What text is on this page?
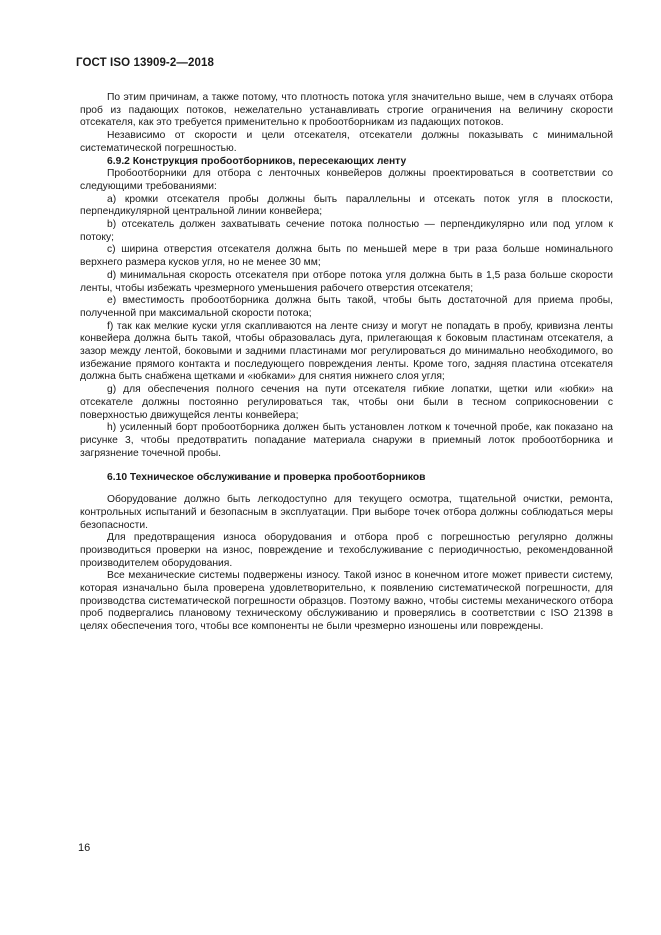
ГОСТ ISO 13909-2—2018

По этим причинам, а также потому, что плотность потока угля значительно выше, чем в случаях отбора проб из падающих потоков, нежелательно устанавливать строгие ограничения на величину скорости отсекателя, как это требуется применительно к пробоотборникам из падающих потоков.

Независимо от скорости и цели отсекателя, отсекатели должны показывать с минимальной систематической погрешностью.

6.9.2 Конструкция пробоотборников, пересекающих ленту

Пробоотборники для отбора с ленточных конвейеров должны проектироваться в соответствии со следующими требованиями:

a) кромки отсекателя пробы должны быть параллельны и отсекать поток угля в плоскости, перпендикулярной центральной линии конвейера;

b) отсекатель должен захватывать сечение потока полностью — перпендикулярно или под углом к потоку;

c) ширина отверстия отсекателя должна быть по меньшей мере в три раза больше номинального верхнего размера кусков угля, но не менее 30 мм;

d) минимальная скорость отсекателя при отборе потока угля должна быть в 1,5 раза больше скорости ленты, чтобы избежать чрезмерного уменьшения рабочего отверстия отсекателя;

e) вместимость пробоотборника должна быть такой, чтобы быть достаточной для приема пробы, полученной при максимальной скорости потока;

f) так как мелкие куски угля скапливаются на ленте снизу и могут не попадать в пробу, кривизна ленты конвейера должна быть такой, чтобы образовалась дуга, прилегающая к боковым пластинам отсекателя, а зазор между лентой, боковыми и задними пластинами мог регулироваться до минимально необходимого, во избежание прямого контакта и последующего повреждения ленты. Кроме того, задняя пластина отсекателя должна быть снабжена щетками и «юбками» для снятия нижнего слоя угля;

g) для обеспечения полного сечения на пути отсекателя гибкие лопатки, щетки или «юбки» на отсекателе должны постоянно регулироваться так, чтобы они были в тесном соприкосновении с поверхностью движущейся ленты конвейера;

h) усиленный борт пробоотборника должен быть установлен лотком к точечной пробе, как показано на рисунке 3, чтобы предотвратить попадание материала снаружи в приемный лоток пробоотборника и загрязнение точечной пробы.

6.10 Техническое обслуживание и проверка пробоотборников

Оборудование должно быть легкодоступно для текущего осмотра, тщательной очистки, ремонта, контрольных испытаний и безопасным в эксплуатации. При выборе точек отбора должны соблюдаться меры безопасности.

Для предотвращения износа оборудования и отбора проб с погрешностью регулярно должны производиться проверки на износ, повреждение и техобслуживание с периодичностью, рекомендованной производителем оборудования.

Все механические системы подвержены износу. Такой износ в конечном итоге может привести систему, которая изначально была проверена удовлетворительно, к появлению систематической погрешности, для производства систематической погрешности образцов. Поэтому важно, чтобы системы механического отбора проб подвергались плановому техническому обслуживанию и проверялись в соответствии с ISO 21398 в целях обеспечения того, чтобы все компоненты не были чрезмерно изношены или повреждены.

16
